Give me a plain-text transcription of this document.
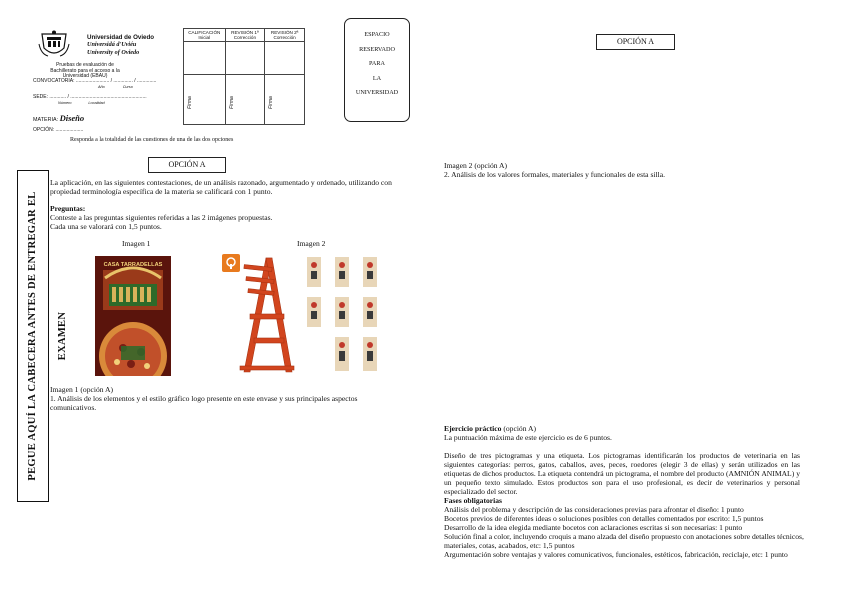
Universidad de Oviedo
Universidá d'Uviéu
University of Oviedo
Pruebas de evaluación de Bachillerato para el acceso a la Universidad (EBAU)
CONVOCATORIA: ........................ / .............. / ..............
Año                 Curso
SEDE: ............ / .......................................................
Número                Localidad
MATERIA: Diseño
OPCIÓN: ....................
Responda a la totalidad de las cuestiones de una de las dos opciones
CALIFICACIÓN Inicial	REVISIÓN 1ª Corrección	REVISIÓN 2ª Corrección

Firma	Firma	Firma
ESPACIO
RESERVADO
PARA
LA
UNIVERSIDAD
OPCIÓN A
PEGUE AQUÍ LA CABECERA ANTES DE ENTREGAR EL EXAMEN
OPCIÓN A
La aplicación, en las siguientes contestaciones, de un análisis razonado, argumentado y ordenado, utilizando con propiedad terminología específica de la materia se calificará con 1 punto.
Preguntas:
Conteste a las preguntas siguientes referidas a las 2 imágenes propuestas.
Cada una se valorará con 1,5 puntos.
Imagen 1	Imagen 2
CASA TARRADELLAS
Imagen 1 (opción A)
1. Análisis de los elementos y el estilo gráfico logo presente en este envase y sus principales aspectos comunicativos.
Imagen 2 (opción A)
2. Análisis de los valores formales, materiales y funcionales de esta silla.
Ejercicio práctico (opción A)
La puntuación máxima de este ejercicio es de 6 puntos.
Diseño de tres pictogramas y una etiqueta. Los pictogramas identificarán los productos de veterinaria en las siguientes categorías: perros, gatos, caballos, aves, peces, roedores (elegir 3 de ellas) y serán utilizados en las etiquetas de dichos productos. La etiqueta contendrá un pictograma, el nombre del producto (AMNIÓN ANIMAL) y un pequeño texto simulado. Estos productos son para el uso profesional, es decir de veterinarios y personal especializado del sector.
Fases obligatorias
Análisis del problema y descripción de las consideraciones previas para afrontar el diseño: 1 punto
Bocetos previos de diferentes ideas o soluciones posibles con detalles comentados por escrito: 1,5 puntos
Desarrollo de la idea elegida mediante bocetos con aclaraciones escritas si son necesarias: 1 punto
Solución final a color, incluyendo croquis a mano alzada del diseño propuesto con anotaciones sobre detalles técnicos, materiales, cotas, acabados, etc: 1,5 puntos
Argumentación sobre ventajas y valores comunicativos, funcionales, estéticos, fabricación, reciclaje, etc: 1 punto
